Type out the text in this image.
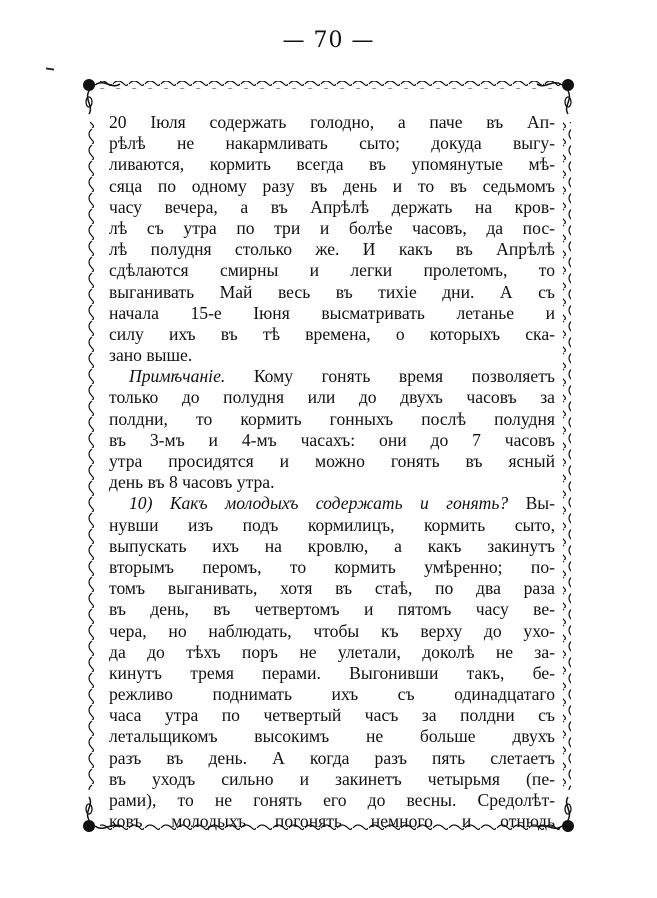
— 70 —
20 Іюля содержать голодно, а паче въ Ап-
рѣлѣ не накармливать сыто; докуда выгу-
ливаются, кормить всегда въ упомянутые мѣ-
сяца по одному разу въ день и то въ седьмомъ
часу вечера, а въ Апрѣлѣ держать на кров-
лѣ съ утра по три и болѣе часовъ, да пос-
лѣ полудня столько же. И какъ въ Апрѣлѣ
сдѣлаются смирны и легки пролетомъ, то
выганивать Май весь въ тихіе дни. А съ
начала 15-е Іюня высматривать летанье и
силу ихъ въ тѣ времена, о которыхъ ска-
зано выше.
Примѣчаніе. Кому гонять время позволяетъ
только до полудня или до двухъ часовъ за
полдни, то кормить гонныхъ послѣ полудня
въ 3-мъ и 4-мъ часахъ: они до 7 часовъ
утра просидятся и можно гонять въ ясный
день въ 8 часовъ утра.
10) Какъ молодыхъ содержать и гонять? Вы-
нувши изъ подъ кормилицъ, кормить сыто,
выпускать ихъ на кровлю, а какъ закинутъ
вторымъ перомъ, то кормить умѣренно; по-
томъ выганивать, хотя въ стаѣ, по два раза
въ день, въ четвертомъ и пятомъ часу ве-
чера, но наблюдать, чтобы къ верху до ухо-
да до тѣхъ поръ не улетали, доколѣ не за-
кинутъ тремя перами. Выгонивши такъ, бе-
режливо поднимать ихъ съ одинадцатаго
часа утра по четвертый часъ за полдни съ
летальщикомъ высокимъ не больше двухъ
разъ въ день. А когда разъ пять слетаетъ
въ уходъ сильно и закинетъ четырьмя (пе-
рами), то не гонять его до весны. Средолѣт-
ковъ молодыхъ погонять немного и отнюдь
